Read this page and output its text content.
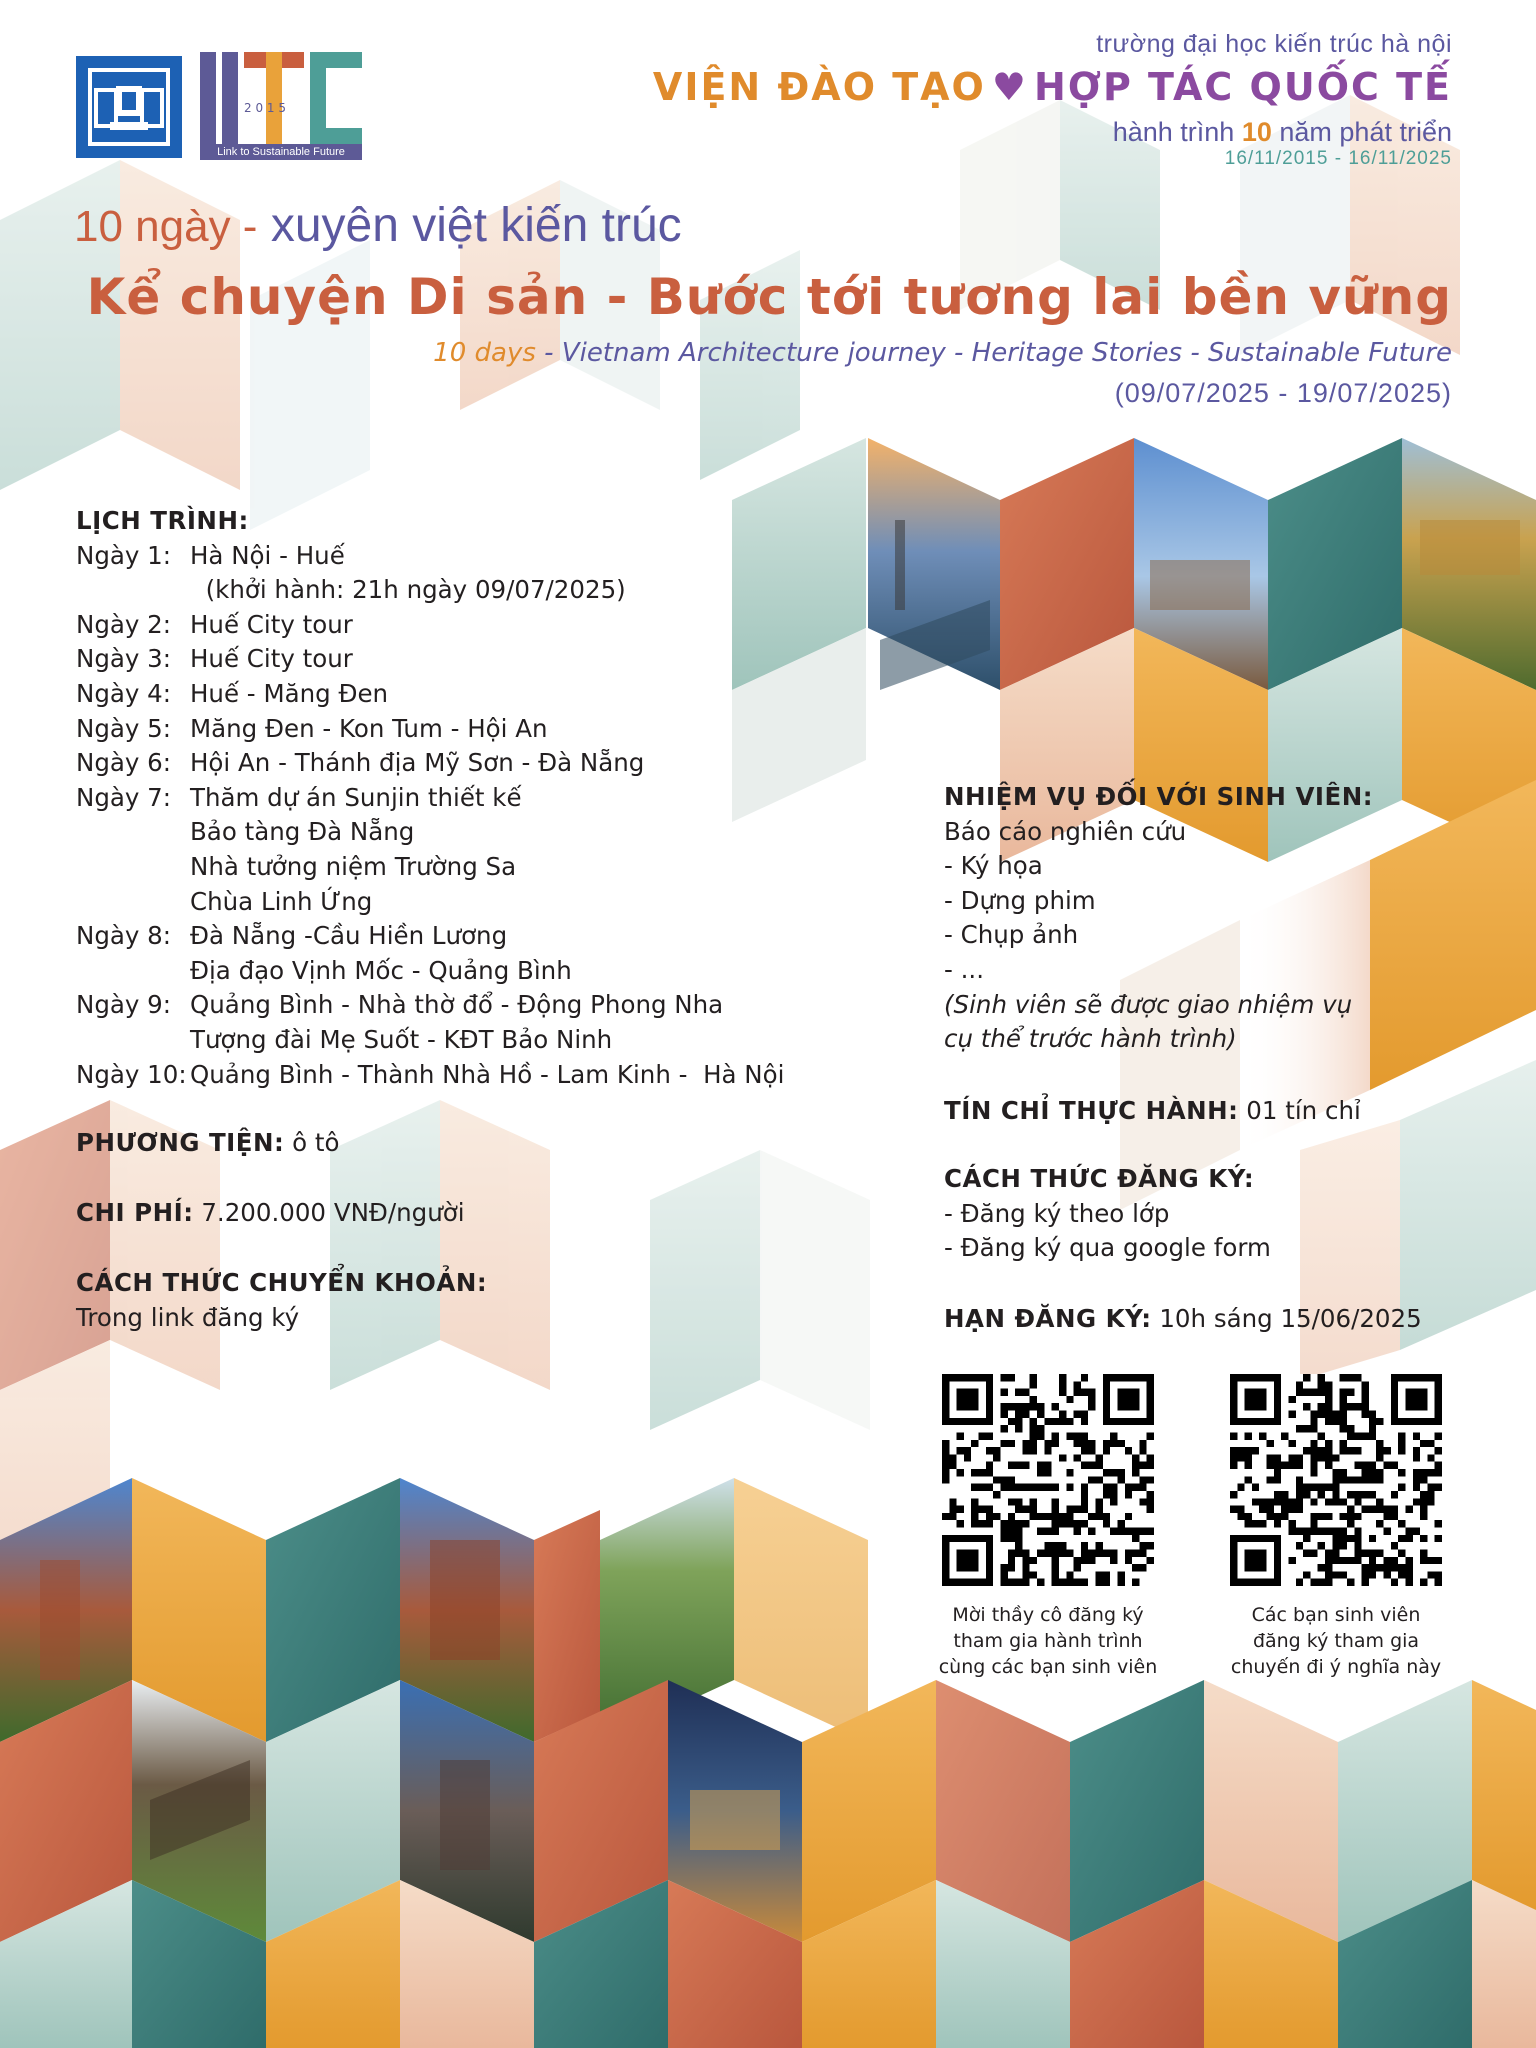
2 0 1 5
Link to Sustainable Future
trường đại học kiến trúc hà nội
VIỆN ĐÀO TẠO ♥ HỢP TÁC QUỐC TẾ
hành trình 10 năm phát triển
16/11/2015 - 16/11/2025
10 ngày - xuyên việt kiến trúc
Kể chuyện Di sản - Bước tới tương lai bền vững
10 days - Vietnam Architecture journey - Heritage Stories - Sustainable Future
(09/07/2025 - 19/07/2025)
LỊCH TRÌNH:
Ngày 1: Hà Nội - Huế
(khởi hành: 21h ngày 09/07/2025)
Ngày 2: Huế City tour
Ngày 3: Huế City tour
Ngày 4: Huế - Măng Đen
Ngày 5: Măng Đen - Kon Tum - Hội An
Ngày 6: Hội An - Thánh địa Mỹ Sơn - Đà Nẵng
Ngày 7: Thăm dự án Sunjin thiết kế
Bảo tàng Đà Nẵng
Nhà tưởng niệm Trường Sa
Chùa Linh Ứng
Ngày 8: Đà Nẵng -Cầu Hiền Lương
Địa đạo Vịnh Mốc - Quảng Bình
Ngày 9: Quảng Bình - Nhà thờ đổ - Động Phong Nha
Tượng đài Mẹ Suốt - KĐT Bảo Ninh
Ngày 10:
Quảng Bình - Thành Nhà Hồ - Lam Kinh -  Hà Nội
PHƯƠNG TIỆN: ô tô
CHI PHÍ: 7.200.000 VNĐ/người
CÁCH THỨC CHUYỂN KHOẢN:
Trong link đăng ký
NHIỆM VỤ ĐỐI VỚI SINH VIÊN:
Báo cáo nghiên cứu
- Ký họa
- Dựng phim
- Chụp ảnh
- ...
(Sinh viên sẽ được giao nhiệm vụ
cụ thể trước hành trình)
TÍN CHỈ THỰC HÀNH: 01 tín chỉ
CÁCH THỨC ĐĂNG KÝ:
- Đăng ký theo lớp
- Đăng ký qua google form
HẠN ĐĂNG KÝ: 10h sáng 15/06/2025
Mời thầy cô đăng ký
tham gia hành trình
cùng các bạn sinh viên
Các bạn sinh viên
đăng ký tham gia
chuyến đi ý nghĩa này
